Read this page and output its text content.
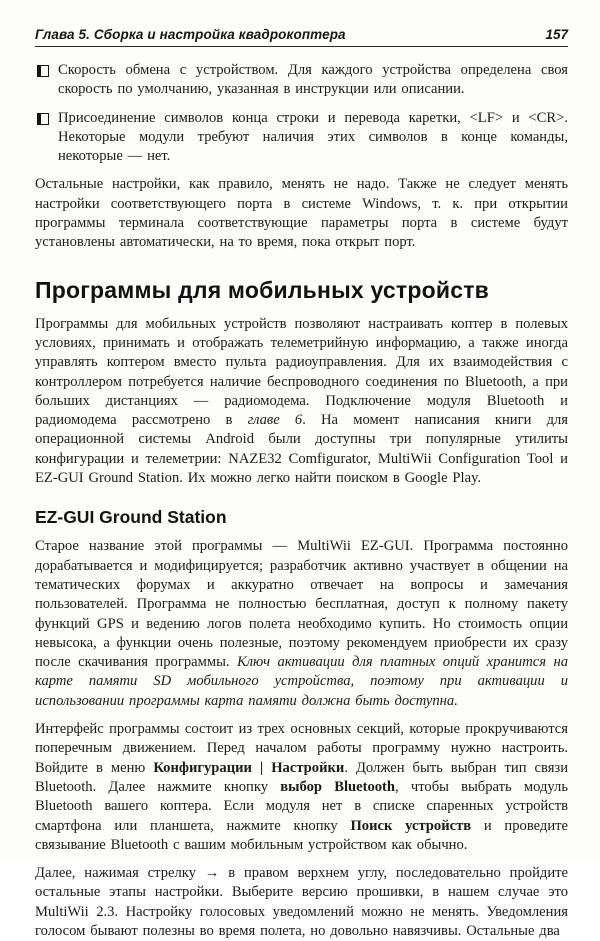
Глава 5. Сборка и настройка квадрокоптера	157
Скорость обмена с устройством. Для каждого устройства определена своя скорость по умолчанию, указанная в инструкции или описании.
Присоединение символов конца строки и перевода каретки, <LF> и <CR>. Некоторые модули требуют наличия этих символов в конце команды, некоторые — нет.

Остальные настройки, как правило, менять не надо. Также не следует менять настройки соответствующего порта в системе Windows, т. к. при открытии программы терминала соответствующие параметры порта в системе будут установлены автоматически, на то время, пока открыт порт.

Программы для мобильных устройств

Программы для мобильных устройств позволяют настраивать коптер в полевых условиях, принимать и отображать телеметрийную информацию, а также иногда управлять коптером вместо пульта радиоуправления. Для их взаимодействия с контроллером потребуется наличие беспроводного соединения по Bluetooth, а при больших дистанциях — радиомодема. Подключение модуля Bluetooth и радиомодема рассмотрено в главе 6. На момент написания книги для операционной системы Android были доступны три популярные утилиты конфигурации и телеметрии: NAZE32 Comfigurator, MultiWii Configuration Tool и EZ-GUI Ground Station. Их можно легко найти поиском в Google Play.

EZ-GUI Ground Station

Старое название этой программы — MultiWii EZ-GUI. Программа постоянно дорабатывается и модифицируется; разработчик активно участвует в общении на тематических форумах и аккуратно отвечает на вопросы и замечания пользователей. Программа не полностью бесплатная, доступ к полному пакету функций GPS и ведению логов полета необходимо купить. Но стоимость опции невысока, а функции очень полезные, поэтому рекомендуем приобрести их сразу после скачивания программы. Ключ активации для платных опций хранится на карте памяти SD мобильного устройства, поэтому при активации и использовании программы карта памяти должна быть доступна.

Интерфейс программы состоит из трех основных секций, которые прокручиваются поперечным движением. Перед началом работы программу нужно настроить. Войдите в меню Конфигурации | Настройки. Должен быть выбран тип связи Bluetooth. Далее нажмите кнопку выбор Bluetooth, чтобы выбрать модуль Bluetooth вашего коптера. Если модуля нет в списке спаренных устройств смартфона или планшета, нажмите кнопку Поиск устройств и проведите связывание Bluetooth с вашим мобильным устройством как обычно.

Далее, нажимая стрелку → в правом верхнем углу, последовательно пройдите остальные этапы настройки. Выберите версию прошивки, в нашем случае это MultiWii 2.3. Настройку голосовых уведомлений можно не менять. Уведомления голосом бывают полезны во время полета, но довольно навязчивы. Остальные два
